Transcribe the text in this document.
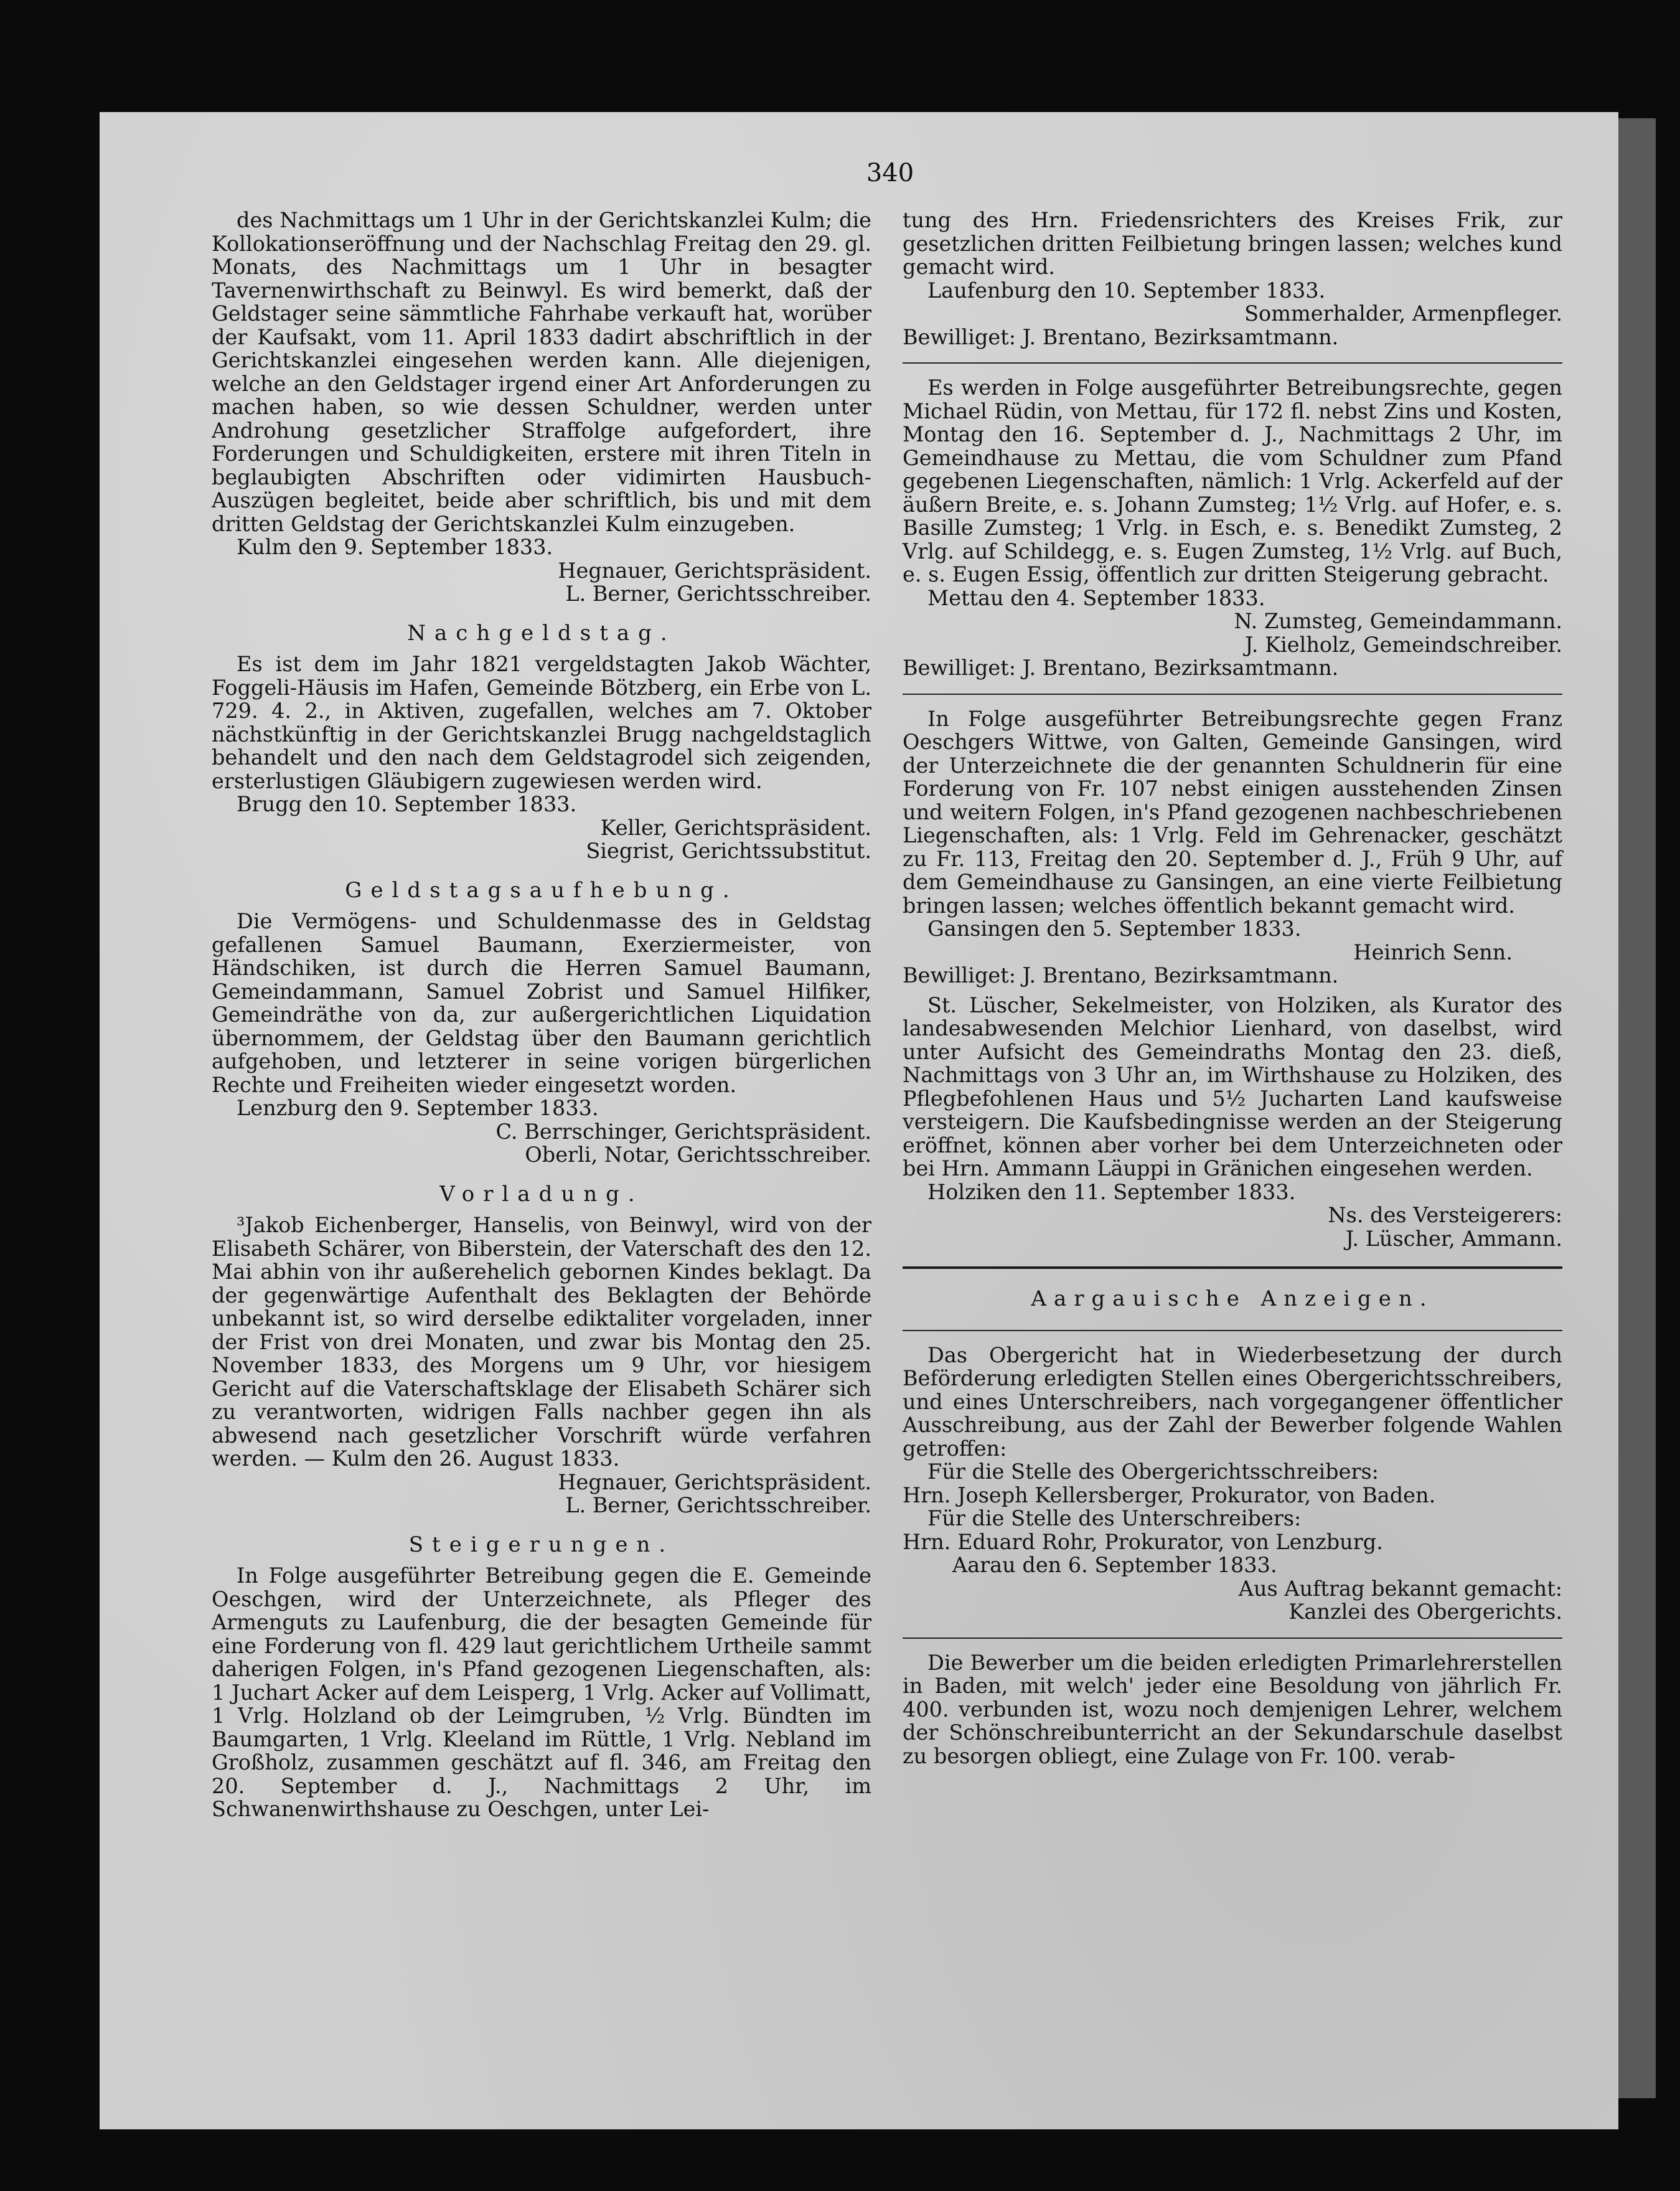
340

des Nachmittags um 1 Uhr in der Gerichtskanzlei Kulm; die Kollokationseröffnung und der Nachschlag Freitag den 29. gl. Monats, des Nachmittags um 1 Uhr in besagter Tavernenwirthschaft zu Beinwyl. Es wird bemerkt, daß der Geldstager seine sämmtliche Fahrhabe verkauft hat, worüber der Kaufsakt, vom 11. April 1833 dadirt abschriftlich in der Gerichtskanzlei eingesehen werden kann. Alle diejenigen, welche an den Geldstager irgend einer Art Anforderungen zu machen haben, so wie dessen Schuldner, werden unter Androhung gesetzlicher Straffolge aufgefordert, ihre Forderungen und Schuldigkeiten, erstere mit ihren Titeln in beglaubigten Abschriften oder vidimirten Hausbuch-Auszügen begleitet, beide aber schriftlich, bis und mit dem dritten Geldstag der Gerichtskanzlei Kulm einzugeben.

Kulm den 9. September 1833.

Hegnauer, Gerichtspräsident.

L. Berner, Gerichtsschreiber.

Nachgeldstag.

Es ist dem im Jahr 1821 vergeldstagten Jakob Wächter, Foggeli-Häusis im Hafen, Gemeinde Bötzberg, ein Erbe von L. 729. 4. 2., in Aktiven, zugefallen, welches am 7. Oktober nächstkünftig in der Gerichtskanzlei Brugg nachgeldstaglich behandelt und den nach dem Geldstagrodel sich zeigenden, ersterlustigen Gläubigern zugewiesen werden wird.

Brugg den 10. September 1833.

Keller, Gerichtspräsident.

Siegrist, Gerichtssubstitut.

Geldstagsaufhebung.

Die Vermögens- und Schuldenmasse des in Geldstag gefallenen Samuel Baumann, Exerziermeister, von Händschiken, ist durch die Herren Samuel Baumann, Gemeindammann, Samuel Zobrist und Samuel Hilfiker, Gemeindräthe von da, zur außergerichtlichen Liquidation übernommem, der Geldstag über den Baumann gerichtlich aufgehoben, und letzterer in seine vorigen bürgerlichen Rechte und Freiheiten wieder eingesetzt worden.

Lenzburg den 9. September 1833.

C. Berrschinger, Gerichtspräsident.

Oberli, Notar, Gerichtsschreiber.

Vorladung.

³Jakob Eichenberger, Hanselis, von Beinwyl, wird von der Elisabeth Schärer, von Biberstein, der Vaterschaft des den 12. Mai abhin von ihr außerehelich gebornen Kindes beklagt. Da der gegenwärtige Aufenthalt des Beklagten der Behörde unbekannt ist, so wird derselbe ediktaliter vorgeladen, inner der Frist von drei Monaten, und zwar bis Montag den 25. November 1833, des Morgens um 9 Uhr, vor hiesigem Gericht auf die Vaterschaftsklage der Elisabeth Schärer sich zu verantworten, widrigen Falls nachber gegen ihn als abwesend nach gesetzlicher Vorschrift würde verfahren werden. — Kulm den 26. August 1833.

Hegnauer, Gerichtspräsident.

L. Berner, Gerichtsschreiber.

Steigerungen.

In Folge ausgeführter Betreibung gegen die E. Gemeinde Oeschgen, wird der Unterzeichnete, als Pfleger des Armenguts zu Laufenburg, die der besagten Gemeinde für eine Forderung von fl. 429 laut gerichtlichem Urtheile sammt daherigen Folgen, in's Pfand gezogenen Liegenschaften, als: 1 Juchart Acker auf dem Leisperg, 1 Vrlg. Acker auf Vollimatt, 1 Vrlg. Holzland ob der Leimgruben, ½ Vrlg. Bündten im Baumgarten, 1 Vrlg. Kleeland im Rüttle, 1 Vrlg. Nebland im Großholz, zusammen geschätzt auf fl. 346, am Freitag den 20. September d. J., Nachmittags 2 Uhr, im Schwanenwirthshause zu Oeschgen, unter Lei-

tung des Hrn. Friedensrichters des Kreises Frik, zur gesetzlichen dritten Feilbietung bringen lassen; welches kund gemacht wird.

Laufenburg den 10. September 1833.

Sommerhalder, Armenpfleger.

Bewilliget: J. Brentano, Bezirksamtmann.

Es werden in Folge ausgeführter Betreibungsrechte, gegen Michael Rüdin, von Mettau, für 172 fl. nebst Zins und Kosten, Montag den 16. September d. J., Nachmittags 2 Uhr, im Gemeindhause zu Mettau, die vom Schuldner zum Pfand gegebenen Liegenschaften, nämlich: 1 Vrlg. Ackerfeld auf der äußern Breite, e. s. Johann Zumsteg; 1½ Vrlg. auf Hofer, e. s. Basille Zumsteg; 1 Vrlg. in Esch, e. s. Benedikt Zumsteg, 2 Vrlg. auf Schildegg, e. s. Eugen Zumsteg, 1½ Vrlg. auf Buch, e. s. Eugen Essig, öffentlich zur dritten Steigerung gebracht.

Mettau den 4. September 1833.

N. Zumsteg, Gemeindammann.

J. Kielholz, Gemeindschreiber.

Bewilliget: J. Brentano, Bezirksamtmann.

In Folge ausgeführter Betreibungsrechte gegen Franz Oeschgers Wittwe, von Galten, Gemeinde Gansingen, wird der Unterzeichnete die der genannten Schuldnerin für eine Forderung von Fr. 107 nebst einigen ausstehenden Zinsen und weitern Folgen, in's Pfand gezogenen nachbeschriebenen Liegenschaften, als: 1 Vrlg. Feld im Gehrenacker, geschätzt zu Fr. 113, Freitag den 20. September d. J., Früh 9 Uhr, auf dem Gemeindhause zu Gansingen, an eine vierte Feilbietung bringen lassen; welches öffentlich bekannt gemacht wird.

Gansingen den 5. September 1833.

Heinrich Senn.

Bewilliget: J. Brentano, Bezirksamtmann.

St. Lüscher, Sekelmeister, von Holziken, als Kurator des landesabwesenden Melchior Lienhard, von daselbst, wird unter Aufsicht des Gemeindraths Montag den 23. dieß, Nachmittags von 3 Uhr an, im Wirthshause zu Holziken, des Pflegbefohlenen Haus und 5½ Jucharten Land kaufsweise versteigern. Die Kaufsbedingnisse werden an der Steigerung eröffnet, können aber vorher bei dem Unterzeichneten oder bei Hrn. Ammann Läuppi in Gränichen eingesehen werden.

Holziken den 11. September 1833.

Ns. des Versteigerers:

J. Lüscher, Ammann.

Aargauische Anzeigen.

Das Obergericht hat in Wiederbesetzung der durch Beförderung erledigten Stellen eines Obergerichtsschreibers, und eines Unterschreibers, nach vorgegangener öffentlicher Ausschreibung, aus der Zahl der Bewerber folgende Wahlen getroffen:

Für die Stelle des Obergerichtsschreibers:

Hrn. Joseph Kellersberger, Prokurator, von Baden.

Für die Stelle des Unterschreibers:

Hrn. Eduard Rohr, Prokurator, von Lenzburg.

Aarau den 6. September 1833.

Aus Auftrag bekannt gemacht:

Kanzlei des Obergerichts.

Die Bewerber um die beiden erledigten Primarlehrerstellen in Baden, mit welch' jeder eine Besoldung von jährlich Fr. 400. verbunden ist, wozu noch demjenigen Lehrer, welchem der Schönschreibunterricht an der Sekundarschule daselbst zu besorgen obliegt, eine Zulage von Fr. 100. verab-
